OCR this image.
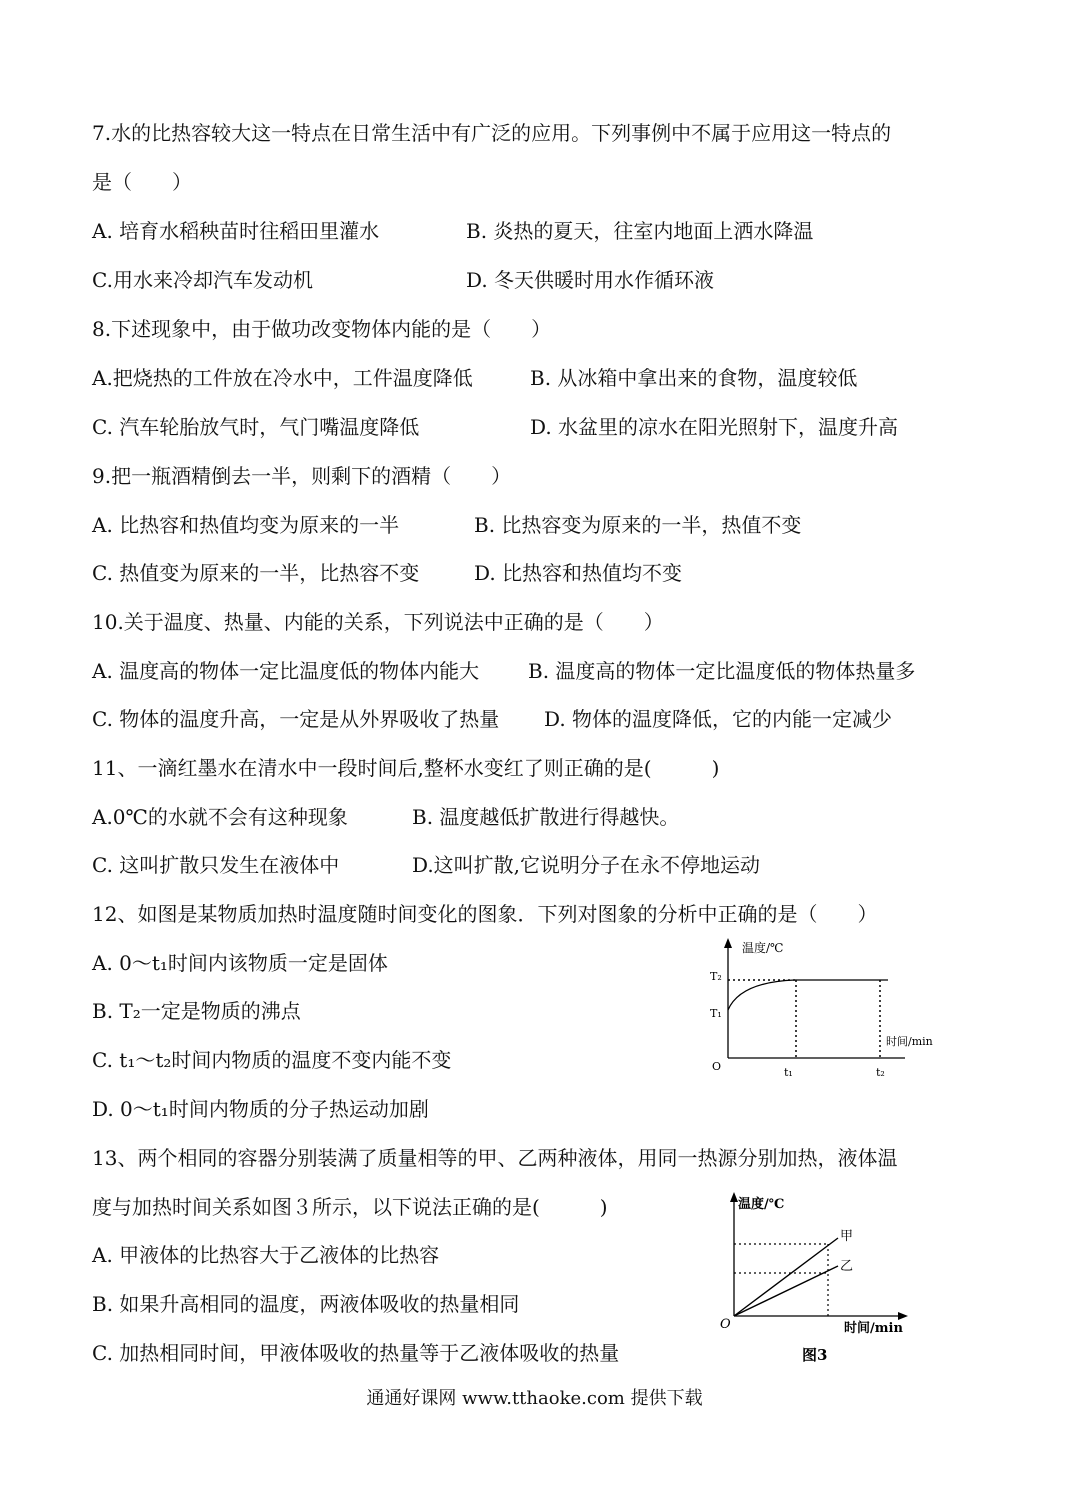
7.水的比热容较大这一特点在日常生活中有广泛的应用。下列事例中不属于应用这一特点的
是（　　）
A. 培育水稻秧苗时往稻田里灌水	B. 炎热的夏天，往室内地面上洒水降温
C.用水来冷却汽车发动机	D. 冬天供暖时用水作循环液
8.下述现象中，由于做功改变物体内能的是（　　）
A.把烧热的工件放在冷水中，工件温度降低	B. 从冰箱中拿出来的食物，温度较低
C. 汽车轮胎放气时，气门嘴温度降低	D. 水盆里的凉水在阳光照射下，温度升高
9.把一瓶酒精倒去一半，则剩下的酒精（　　）
A. 比热容和热值均变为原来的一半	B. 比热容变为原来的一半，热值不变
C. 热值变为原来的一半，比热容不变	D. 比热容和热值均不变
10.关于温度、热量、内能的关系，下列说法中正确的是（　　）
A. 温度高的物体一定比温度低的物体内能大 B. 温度高的物体一定比温度低的物体热量多
C. 物体的温度升高，一定是从外界吸收了热量 D. 物体的温度降低，它的内能一定减少
11、一滴红墨水在清水中一段时间后,整杯水变红了则正确的是(　　　)
A.0℃的水就不会有这种现象	B. 温度越低扩散进行得越快。
C. 这叫扩散只发生在液体中	D.这叫扩散,它说明分子在永不停地运动
12、如图是某物质加热时温度随时间变化的图象．下列对图象的分析中正确的是（　　）
A. 0～t₁时间内该物质一定是固体
B. T₂一定是物质的沸点
C. t₁～t₂时间内物质的温度不变内能不变
D. 0～t₁时间内物质的分子热运动加剧
温度/℃
时间/min
O
T₂
T₁
t₁	t₂
13、两个相同的容器分别装满了质量相等的甲、乙两种液体，用同一热源分别加热，液体温
度与加热时间关系如图３所示，以下说法正确的是(　　　)
A. 甲液体的比热容大于乙液体的比热容
B. 如果升高相同的温度，两液体吸收的热量相同
C. 加热相同时间，甲液体吸收的热量等于乙液体吸收的热量
温度/℃
时间/min
O
甲
乙
图3
通通好课网 www.tthaoke.com 提供下载
